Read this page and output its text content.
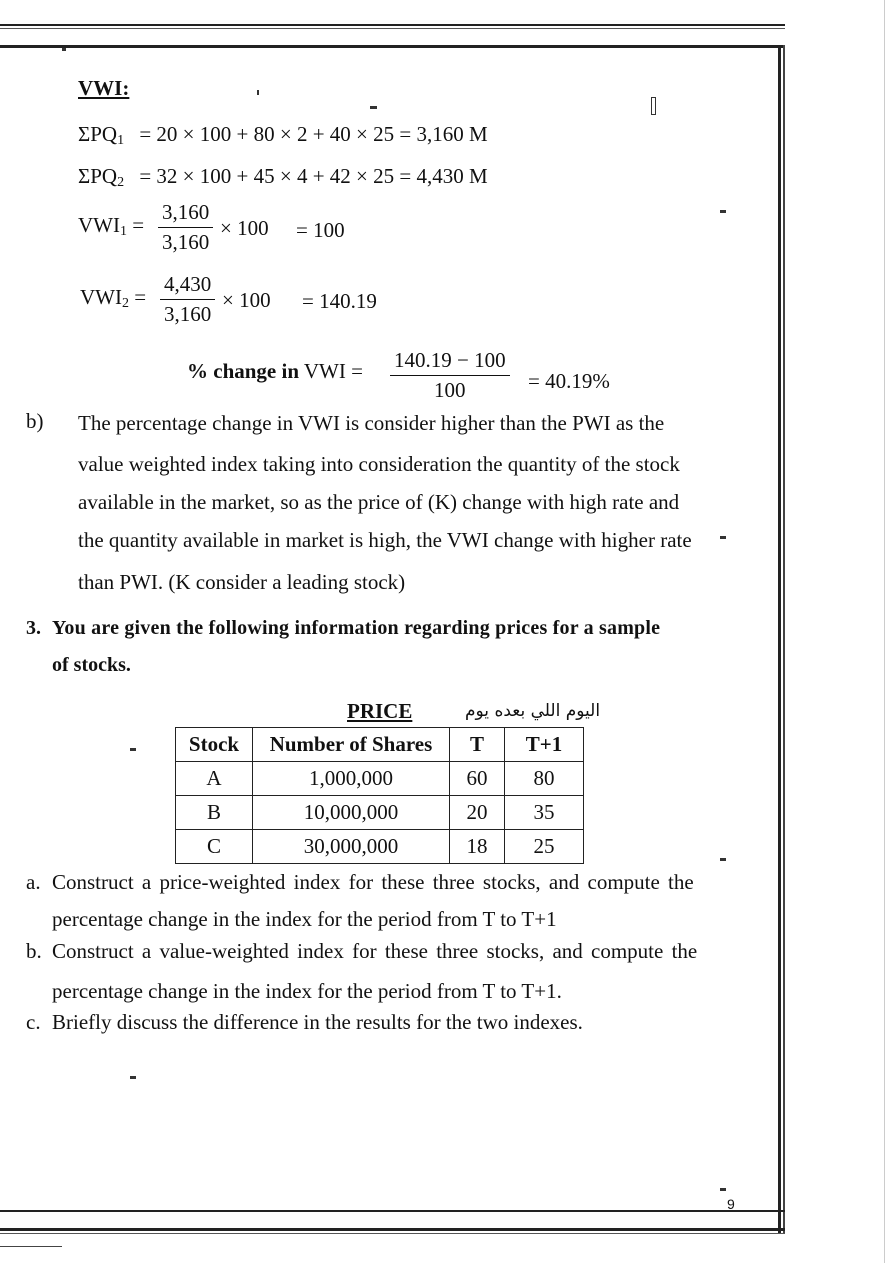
VWI:
ΣPQ1 = 20 × 100 + 80 × 2 + 40 × 25 = 3,160 M
ΣPQ2 = 32 × 100 + 45 × 4 + 42 × 25 = 4,430 M
$VWI1 = \frac{3,160}{3,160} \times 100 = 100$
$VWI2 = \frac{4,430}{3,160} \times 100 = 140.19$
% change in VWI = $\frac{140.19 - 100}{100} = 40.19\%$
b) The percentage change in VWI is consider higher than the PWI as the
value weighted index taking into consideration the quantity of the stock
available in the market, so as the price of (K) change with high rate and
the quantity available in market is high, the VWI change with higher rate
than PWI. (K consider a leading stock)
3. You are given the following information regarding prices for a sample
of stocks.
PRICE	اليوم اللي بعده يوم
Stock	Number of Shares	T	T+1
A	1,000,000	60	80
B	10,000,000	20	35
C	30,000,000	18	25
a. Construct a price-weighted index for these three stocks, and compute the
percentage change in the index for the period from T to T+1
b. Construct a value-weighted index for these three stocks, and compute the
percentage change in the index for the period from T to T+1.
c. Briefly discuss the difference in the results for the two indexes.
9
